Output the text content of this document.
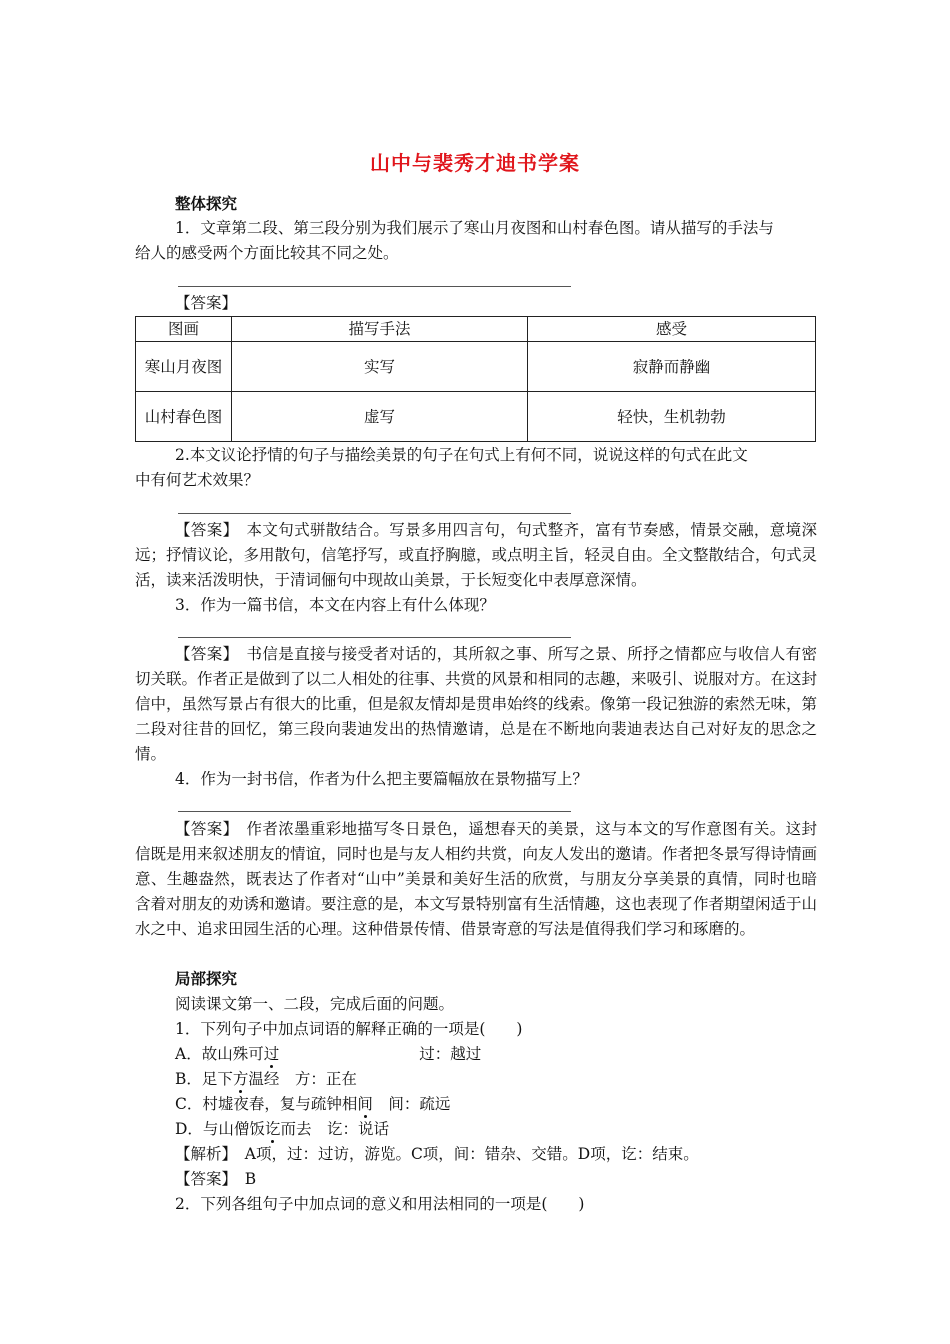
山中与裴秀才迪书学案
整体探究
1．文章第二段、第三段分别为我们展示了寒山月夜图和山村春色图。请从描写的手法与
给人的感受两个方面比较其不同之处。
【答案】
图画	描写手法	感受
寒山月夜图	实写	寂静而静幽
山村春色图	虚写	轻快，生机勃勃
2.本文议论抒情的句子与描绘美景的句子在句式上有何不同，说说这样的句式在此文
中有何艺术效果？
【答案】　本文句式骈散结合。写景多用四言句，句式整齐，富有节奏感，情景交融，意境深远；抒情议论，多用散句，信笔抒写，或直抒胸臆，或点明主旨，轻灵自由。全文整散结合，句式灵活，读来活泼明快，于清词俪句中现故山美景，于长短变化中表厚意深情。
3．作为一篇书信，本文在内容上有什么体现？
【答案】　书信是直接与接受者对话的，其所叙之事、所写之景、所抒之情都应与收信人有密切关联。作者正是做到了以二人相处的往事、共赏的风景和相同的志趣，来吸引、说服对方。在这封信中，虽然写景占有很大的比重，但是叙友情却是贯串始终的线索。像第一段记独游的索然无味，第二段对往昔的回忆，第三段向裴迪发出的热情邀请，总是在不断地向裴迪表达自己对好友的思念之情。
4．作为一封书信，作者为什么把主要篇幅放在景物描写上？
【答案】　作者浓墨重彩地描写冬日景色，遥想春天的美景，这与本文的写作意图有关。这封信既是用来叙述朋友的情谊，同时也是与友人相约共赏，向友人发出的邀请。作者把冬景写得诗情画意、生趣盎然，既表达了作者对“山中”美景和美好生活的欣赏，与朋友分享美景的真情，同时也暗含着对朋友的劝诱和邀请。要注意的是，本文写景特别富有生活情趣，这也表现了作者期望闲适于山水之中、追求田园生活的心理。这种借景传情、借景寄意的写法是值得我们学习和琢磨的。
局部探究
阅读课文第一、二段，完成后面的问题。
1．下列句子中加点词语的解释正确的一项是(　　)
A．故山殊可过	过：越过
B．足下方温经　方：正在
C．村墟夜春，复与疏钟相间　间：疏远
D．与山僧饭讫而去　讫：说话
【解析】　A项，过：过访，游览。C项，间：错杂、交错。D项，讫：结束。
【答案】　B
2．下列各组句子中加点词的意义和用法相同的一项是(　　)
